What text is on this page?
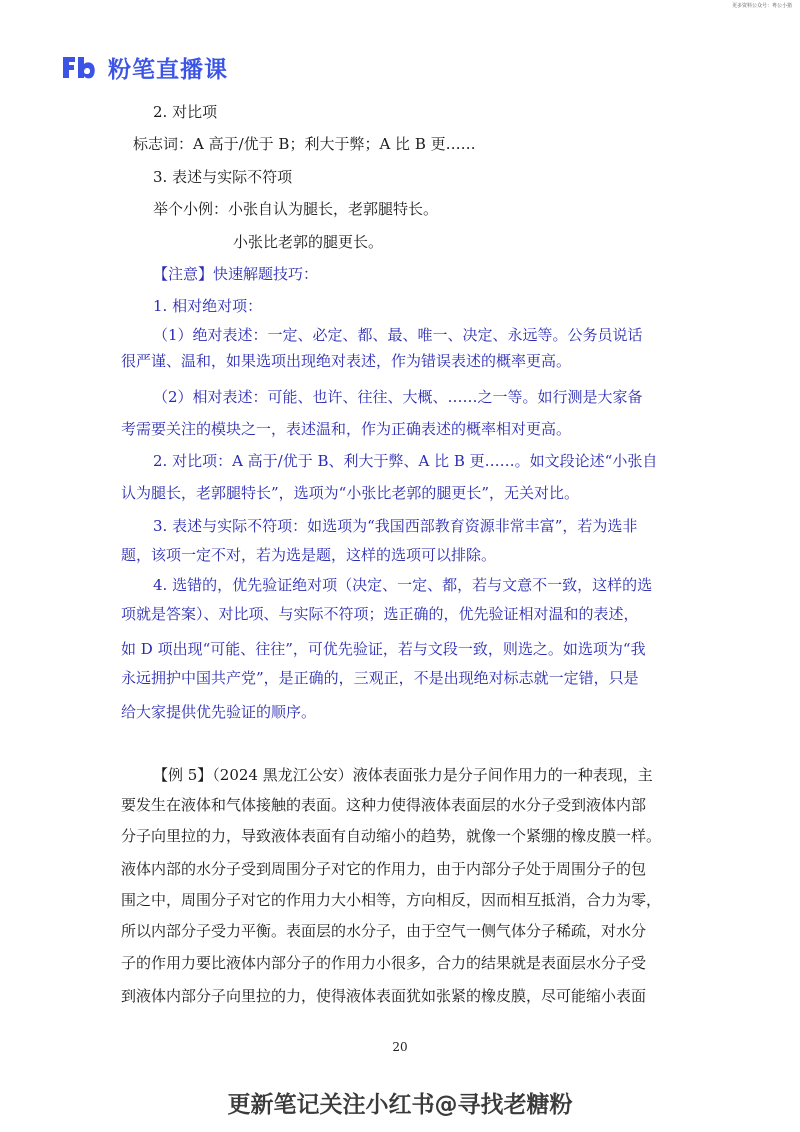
更多资料公众号：粤公小猪
粉笔直播课
2. 对比项
标志词：A 高于/优于 B；利大于弊；A 比 B 更……
3. 表述与实际不符项
举个小例：小张自认为腿长，老郭腿特长。
小张比老郭的腿更长。
【注意】快速解题技巧：
1. 相对绝对项：
（1）绝对表述：一定、必定、都、最、唯一、决定、永远等。公务员说话
很严谨、温和，如果选项出现绝对表述，作为错误表述的概率更高。
（2）相对表述：可能、也许、往往、大概、……之一等。如行测是大家备
考需要关注的模块之一，表述温和，作为正确表述的概率相对更高。
2. 对比项：A 高于/优于 B、利大于弊、A 比 B 更……。如文段论述“小张自
认为腿长，老郭腿特长”，选项为“小张比老郭的腿更长”，无关对比。
3. 表述与实际不符项：如选项为“我国西部教育资源非常丰富”，若为选非
题，该项一定不对，若为选是题，这样的选项可以排除。
4. 选错的，优先验证绝对项（决定、一定、都，若与文意不一致，这样的选
项就是答案）、对比项、与实际不符项；选正确的，优先验证相对温和的表述，
如 D 项出现“可能、往往”，可优先验证，若与文段一致，则选之。如选项为“我
永远拥护中国共产党”，是正确的，三观正，不是出现绝对标志就一定错，只是
给大家提供优先验证的顺序。
【例 5】（2024 黑龙江公安）液体表面张力是分子间作用力的一种表现，主
要发生在液体和气体接触的表面。这种力使得液体表面层的水分子受到液体内部
分子向里拉的力，导致液体表面有自动缩小的趋势，就像一个紧绷的橡皮膜一样。
液体内部的水分子受到周围分子对它的作用力，由于内部分子处于周围分子的包
围之中，周围分子对它的作用力大小相等，方向相反，因而相互抵消，合力为零，
所以内部分子受力平衡。表面层的水分子，由于空气一侧气体分子稀疏，对水分
子的作用力要比液体内部分子的作用力小很多，合力的结果就是表面层水分子受
到液体内部分子向里拉的力，使得液体表面犹如张紧的橡皮膜，尽可能缩小表面
20
更新笔记关注小红书@寻找老糖粉
